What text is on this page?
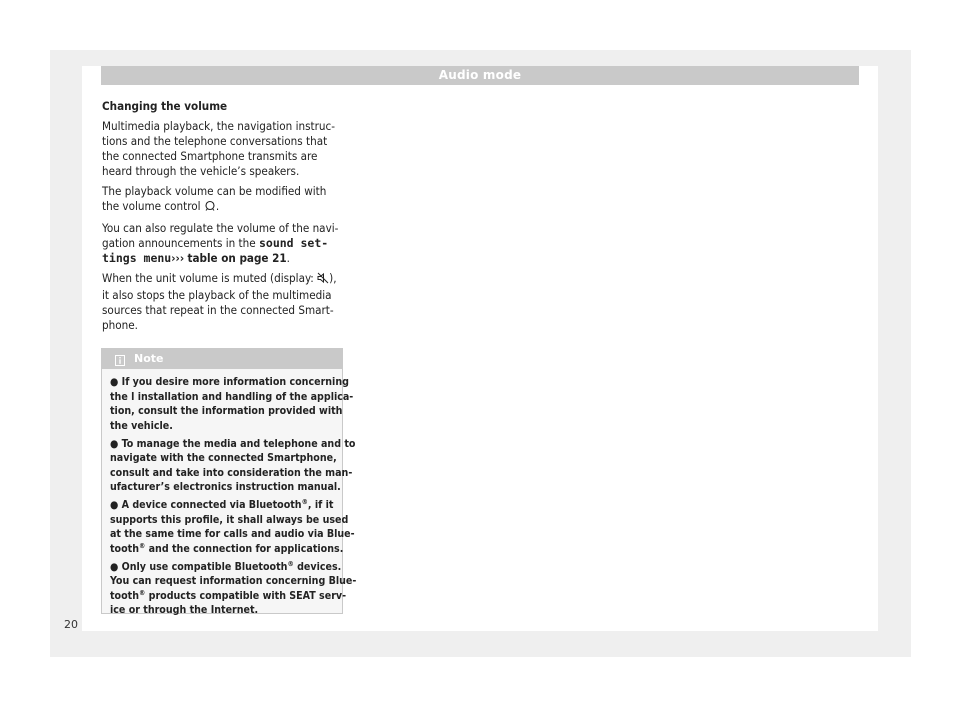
Audio mode

Changing the volume

Multimedia playback, the navigation instruc-
tions and the telephone conversations that
the connected Smartphone transmits are
heard through the vehicle’s speakers.

The playback volume can be modified with
the volume control .

You can also regulate the volume of the navi-
gation announcements in the sound set-
tings menu››› table on page 21.

When the unit volume is muted (display: ),
it also stops the playback of the multimedia
sources that repeat in the connected Smart-
phone.

Note
● If you desire more information concerning
the l installation and handling of the applica-
tion, consult the information provided with
the vehicle.
● To manage the media and telephone and to
navigate with the connected Smartphone,
consult and take into consideration the man-
ufacturer’s electronics instruction manual.
● A device connected via Bluetooth®, if it
supports this profile, it shall always be used
at the same time for calls and audio via Blue-
tooth® and the connection for applications.
● Only use compatible Bluetooth® devices.
You can request information concerning Blue-
tooth® products compatible with SEAT serv-
ice or through the Internet.
20
